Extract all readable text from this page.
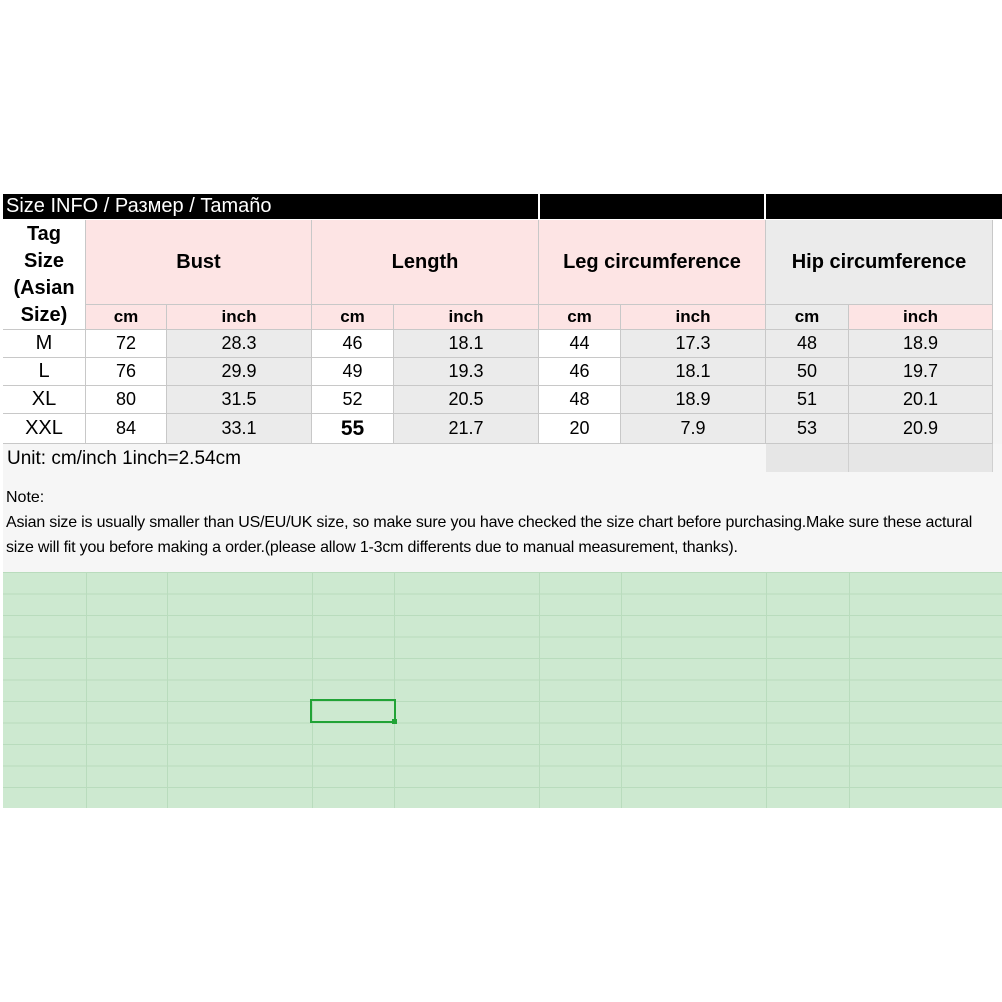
Size INFO / Размер / Tamaño
Tag
Size
(Asian
Size)
Bust	Length	Leg circumference	Hip circumference
cm	inch	cm	inch	cm	inch	cm	inch
M	72	28.3	46	18.1	44	17.3	48	18.9
L	76	29.9	49	19.3	46	18.1	50	19.7
XL	80	31.5	52	20.5	48	18.9	51	20.1
XXL	84	33.1	55	21.7	20	7.9	53	20.9
Unit: cm/inch 1inch=2.54cm
Note:
Asian size is usually smaller than US/EU/UK size, so make sure you have checked the size chart before purchasing.Make sure these actural size will fit you before making a order.(please allow 1-3cm differents due to manual measurement, thanks).
